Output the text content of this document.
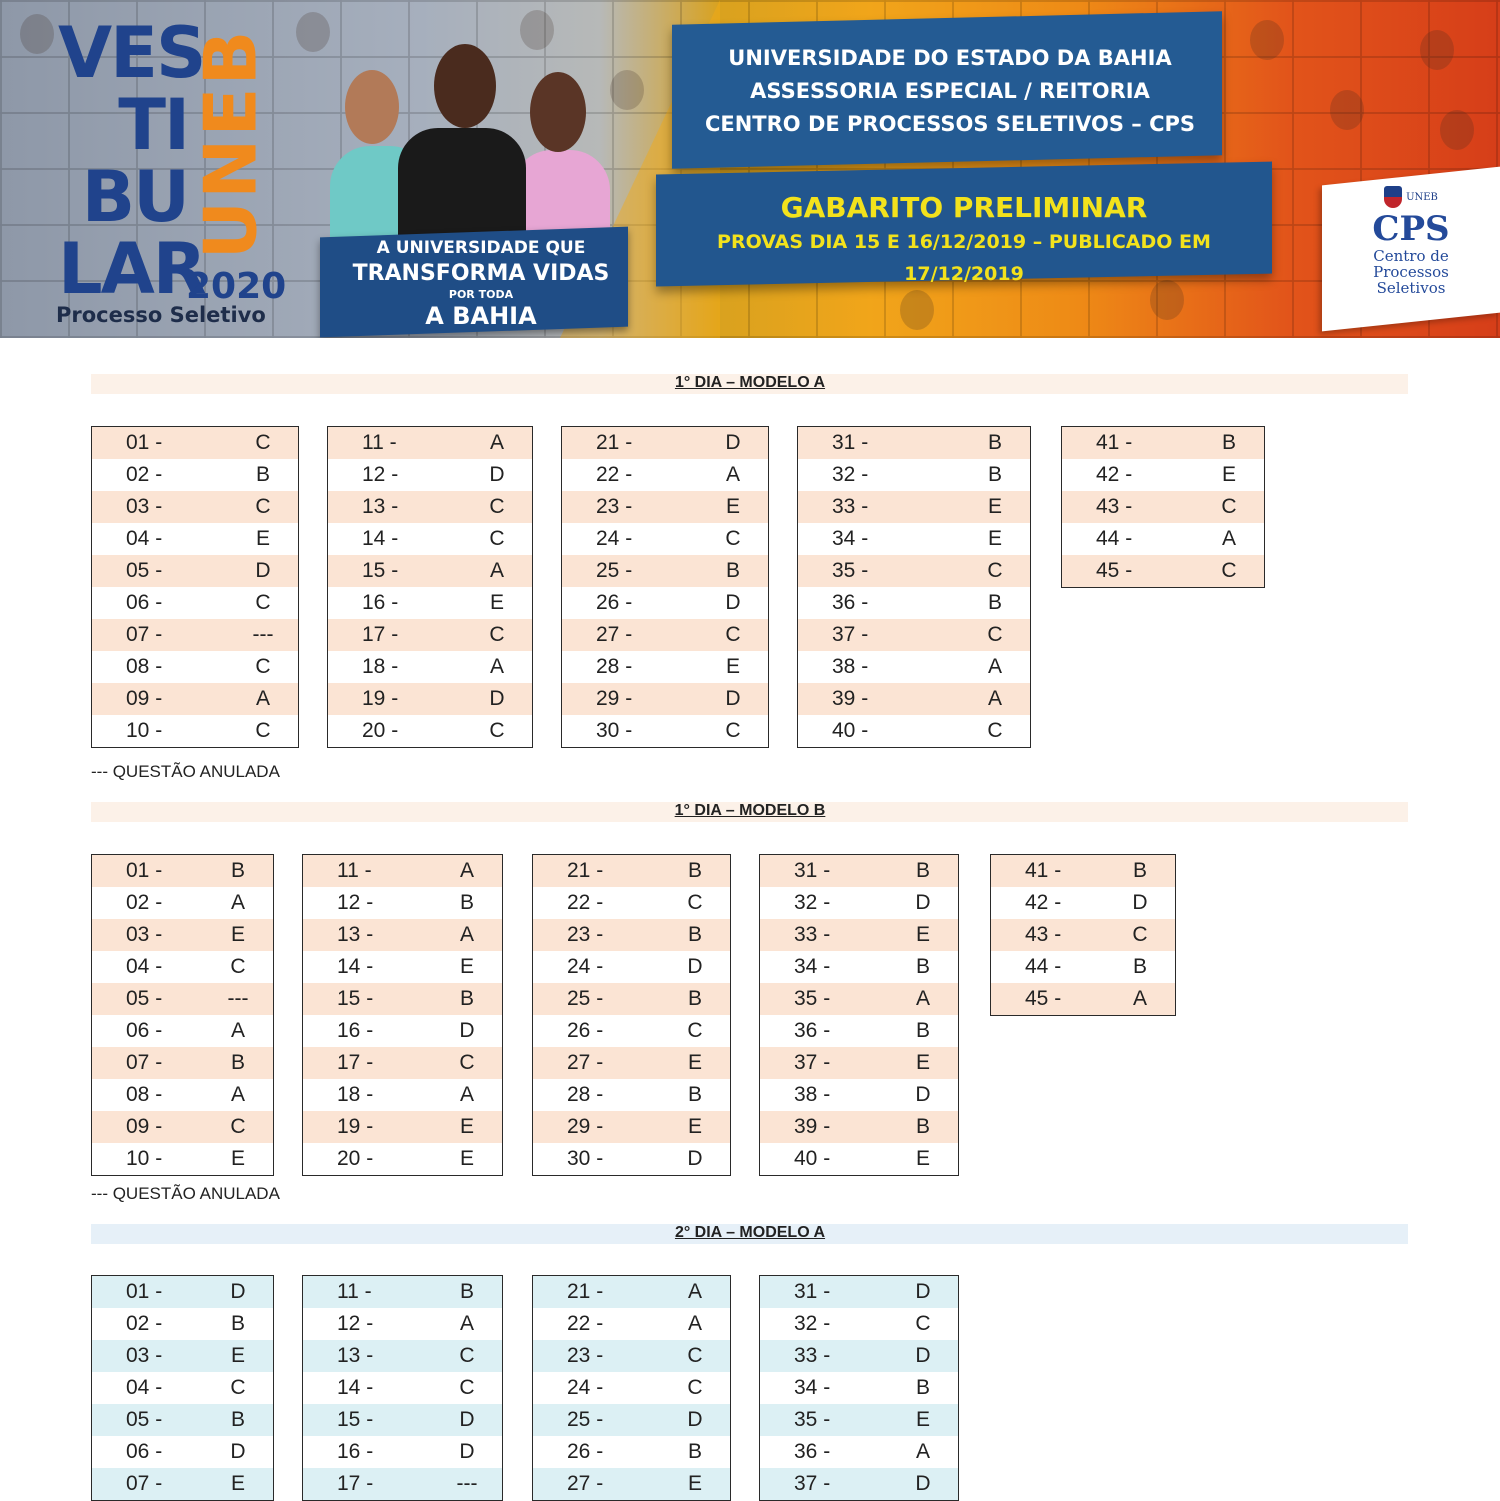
VES
TI
BU
LAR
UNEB
2020
Processo Seletivo
A UNIVERSIDADE QUE
TRANSFORMA VIDAS
POR TODA
A BAHIA
UNIVERSIDADE DO ESTADO DA BAHIA
ASSESSORIA ESPECIAL / REITORIA
CENTRO DE PROCESSOS SELETIVOS – CPS
GABARITO PRELIMINAR
PROVAS DIA 15 E 16/12/2019 – PUBLICADO EM 17/12/2019
UNEB
CPS
Centro de
Processos
Seletivos
1° DIA – MODELO A
01 -	C
02 -	B
03 -	C
04 -	E
05 -	D
06 -	C
07 -	---
08 -	C
09 -	A
10 -	C
11 -	A
12 -	D
13 -	C
14 -	C
15 -	A
16 -	E
17 -	C
18 -	A
19 -	D
20 -	C
21 -	D
22 -	A
23 -	E
24 -	C
25 -	B
26 -	D
27 -	C
28 -	E
29 -	D
30 -	C
31 -	B
32 -	B
33 -	E
34 -	E
35 -	C
36 -	B
37 -	C
38 -	A
39 -	A
40 -	C
41 -	B
42 -	E
43 -	C
44 -	A
45 -	C
--- QUESTÃO ANULADA
1° DIA – MODELO B
01 -	B
02 -	A
03 -	E
04 -	C
05 -	---
06 -	A
07 -	B
08 -	A
09 -	C
10 -	E
11 -	A
12 -	B
13 -	A
14 -	E
15 -	B
16 -	D
17 -	C
18 -	A
19 -	E
20 -	E
21 -	B
22 -	C
23 -	B
24 -	D
25 -	B
26 -	C
27 -	E
28 -	B
29 -	E
30 -	D
31 -	B
32 -	D
33 -	E
34 -	B
35 -	A
36 -	B
37 -	E
38 -	D
39 -	B
40 -	E
41 -	B
42 -	D
43 -	C
44 -	B
45 -	A
--- QUESTÃO ANULADA
2° DIA – MODELO A
01 -	D
02 -	B
03 -	E
04 -	C
05 -	B
06 -	D
07 -	E
11 -	B
12 -	A
13 -	C
14 -	C
15 -	D
16 -	D
17 -	---
21 -	A
22 -	A
23 -	C
24 -	C
25 -	D
26 -	B
27 -	E
31 -	D
32 -	C
33 -	D
34 -	B
35 -	E
36 -	A
37 -	D
